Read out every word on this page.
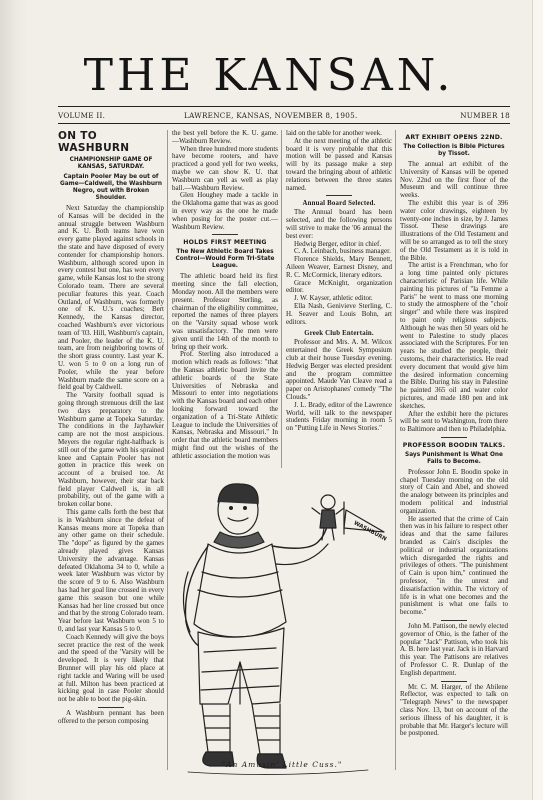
THE KANSAN.
VOLUME II.	LAWRENCE, KANSAS, NOVEMBER 8, 1905.	NUMBER 18
ON TO WASHBURN
CHAMPIONSHIP GAME OF KANSAS, SATURDAY.
Captain Pooler May be out of Game—Caldwell, the Washburn Negro, out with Broken Shoulder.

Next Saturday the championship of Kansas will be decided in the annual struggle between Washburn and K. U. Both teams have won every game played against schools in the state and have disposed of every contender for championship honors. Washburn, although scored upon in every contest but one, has won every game, while Kansas lost to the strong Colorado team. There are several peculiar features this year. Coach Outland, of Washburn, was formerly one of K. U.'s coaches; Bert Kennedy, the Kansas director, coached Washburn's ever victorious team of '03. Hill, Washburn's captain, and Pooler, the leader of the K. U. team, are from neighboring towns of the short grass country. Last year K. U. won 5 to 0 on a long run of Pooler, while the year before Washburn made the same score on a field goal by Caldwell.

The 'Varsity football squad is going through strenuous drill the last two days preparatory to the Washburn game at Topeka Saturday. The conditions in the Jayhawker camp are not the most auspicious. Meyers the regular right-halfback is still out of the game with his sprained knee and Captain Pooler has not gotten in practice this week on account of a bruised toe. At Washburn, however, their star back field player Caldwell is, in all probability, out of the game with a broken collar bone.

This game calls forth the best that is in Washburn since the defeat of Kansas means more at Topeka than any other game on their schedule. The "dope" as figured by the games already played gives Kansas University the advantage. Kansas defeated Oklahoma 34 to 0, while a week later Washburn was victor by the score of 9 to 6. Also Washburn has had her goal line crossed in every game this season but one while Kansas had her line crossed but once and that by the strong Colorado team. Year before last Washburn won 5 to 0, and last year Kansas 5 to 0.

Coach Kennedy will give the boys secret practice the rest of the week and the speed of the 'Varsity will be developed. It is very likely that Brunner will play his old place at right tackle and Waring will be used at full. Milton has been practiced at kicking goal in case Pooler should not be able to boot the pig-skin.

A Washburn pennant has been offered to the person composing

the best yell before the K. U. game.—Washburn Review.

When three hundred more students have become rooters, and have practiced a good yell for two weeks, maybe we can show K. U. that Washburn can yell as well as play ball.—Washburn Review.

Glen Houghey made a tackle in the Oklahoma game that was as good in every way as the one he made when posing for the poster cut.—Washburn Review.

HOLDS FIRST MEETING
The New Athletic Board Takes Control—Would Form Tri-State League.

The athletic board held its first meeting since the fall election, Monday noon. All the members were present. Professor Sterling, as chairman of the eligibility committee, reported the names of three players on the 'Varsity squad whose work was unsatisfactory. The men were given until the 14th of the month to bring up their work.

Prof. Sterling also introduced a motion which reads as follows: "that the Kansas athletic board invite the athletic boards of the State Universities of Nebraska and Missouri to enter into negotiations with the Kansas board and each other looking forward toward the organization of a Tri-State Athletic League to include the Universities of Kansas, Nebraska and Missouri." In order that the athletic board members might find out the wishes of the athletic association the motion was

laid on the table for another week.

At the next meeting of the athletic board it is very probable that this motion will be passed and Kansas will by its passage make a step toward the bringing about of athletic relations between the three states named.

Annual Board Selected.

The Annual board has been selected, and the following persons will strive to make the '06 annual the best ever:

Hedwig Berger, editor in chief.

C. A. Leinbach, business manager.

Florence Shields, Mary Bennett, Aileen Weaver, Earnest Disney, and R. C. McCormick, literary editors.

Grace McKnight, organization editor.

J. W. Kayser, athletic editor.

Ella Nash, Genivieve Sterling, C. H. Seaver and Louis Bohn, art editors.

Greek Club Entertain.

Professor and Mrs. A. M. Wilcox entertained the Greek Symposium club at their house Tuesday evening. Hedwig Berger was elected president and the program committee appointed. Maude Van Cleave read a paper on Aristophanes' comedy "The Clouds."

J. L. Brady, editor of the Lawrence World, will talk to the newspaper students Friday morning in room 5 on "Putting Life in News Stories."

ART EXHIBIT OPENS 22ND.
The Collection is Bible Pictures by Tissot.

The annual art exhibit of the University of Kansas will be opened Nov. 22nd on the first floor of the Museum and will continue three weeks.

The exhibit this year is of 396 water color drawings, eighteen by twenty-one inches in size, by J. James Tissot. These drawings are illustrations of the Old Testament and will be so arranged as to tell the story of the Old Testament as it is told in the Bible.

The artist is a Frenchman, who for a long time painted only pictures characteristic of Parisian life. While painting his pictures of "la Femme a Paris" he went to mass one morning to study the atmosphere of the "choir singer" and while there was inspired to paint only religious subjects. Although he was then 50 years old he went to Palestine to study places associated with the Scriptures. For ten years he studied the people, their customs, their characteristics. He read every document that would give him the desired information concerning the Bible. During his stay in Palestine he painted 365 oil and water color pictures, and made 180 pen and ink sketches.

After the exhibit here the pictures will be sent to Washington, from there to Baltimore and then to Philadelphia.

PROFESSOR BOODIN TALKS.
Says Punishment Is What One Fails to Become.

Professor John E. Boodin spoke in chapel Tuesday morning on the old story of Cain and Abel, and showed the analogy between its principles and modern political and industrial organization.

He asserted that the crime of Cain then was in his failure to respect other ideas and that the same failures branded as Cain's disciples the political or industrial organizations which disregarded the rights and privileges of others. "The punishment of Cain is upon him," continued the professor, "in the unrest and dissatisfaction within. The victory of life is in what one becomes and the punishment is what one fails to become."

John M. Pattison, the newly elected governor of Ohio, is the father of the popular "Jack" Pattison, who took his A. B. here last year. Jack is in Harvard this year. The Pattisons are relatives of Professor C. R. Dunlap of the English department.

Mr. C. M. Harger, of the Abilene Reflector, was expected to talk on "Telegraph News" to the newspaper class Nov. 13, but on account of the serious illness of his daughter, it is probable that Mr. Harger's lecture will be postponed.

WASHBURN
"An Amusin' Little Cuss."
